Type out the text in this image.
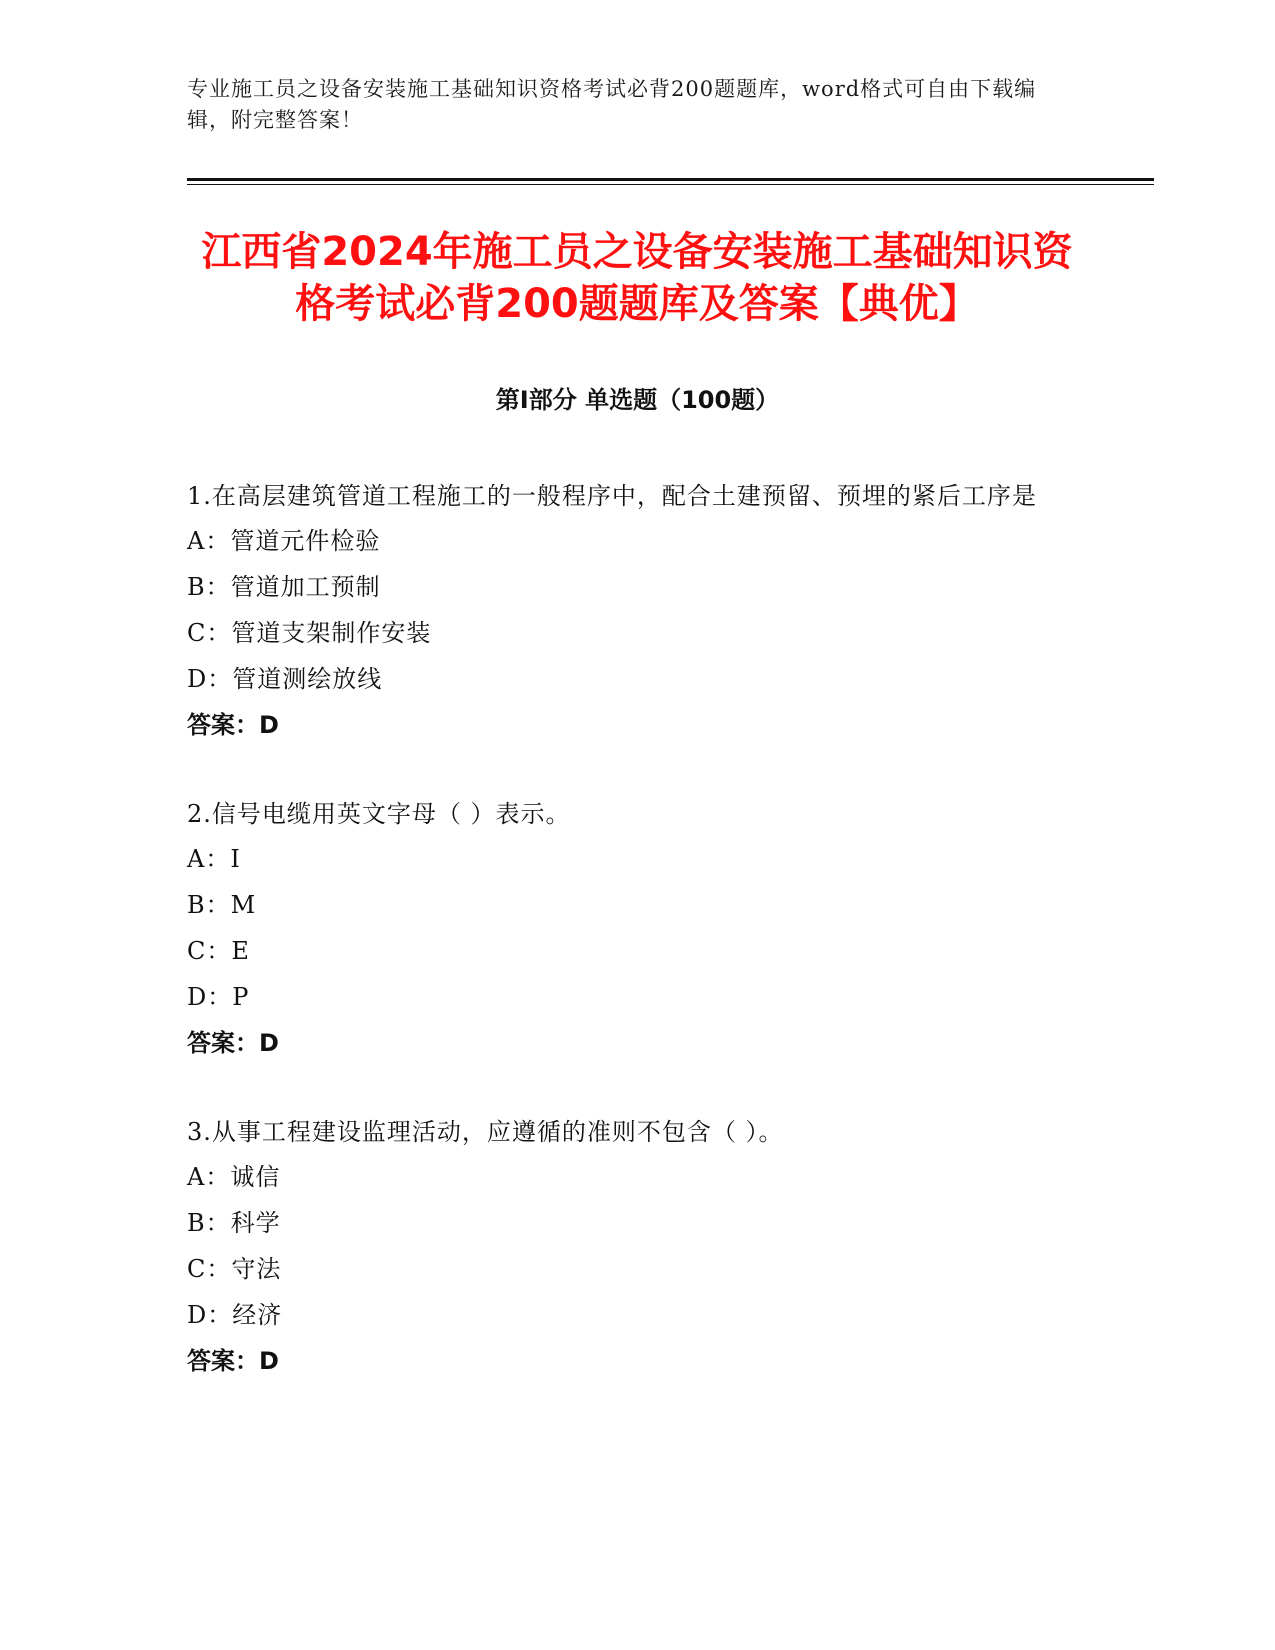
专业施工员之设备安装施工基础知识资格考试必背200题题库，word格式可自由下载编辑，附完整答案！
江西省2024年施工员之设备安装施工基础知识资格考试必背200题题库及答案【典优】
第Ⅰ部分 单选题（100题）
1.在高层建筑管道工程施工的一般程序中，配合土建预留、预埋的紧后工序是
A：管道元件检验
B：管道加工预制
C：管道支架制作安装
D：管道测绘放线
答案：D
2.信号电缆用英文字母（ ）表示。
A：I
B：M
C：E
D：P
答案：D
3.从事工程建设监理活动，应遵循的准则不包含（ ）。
A：诚信
B：科学
C：守法
D：经济
答案：D
